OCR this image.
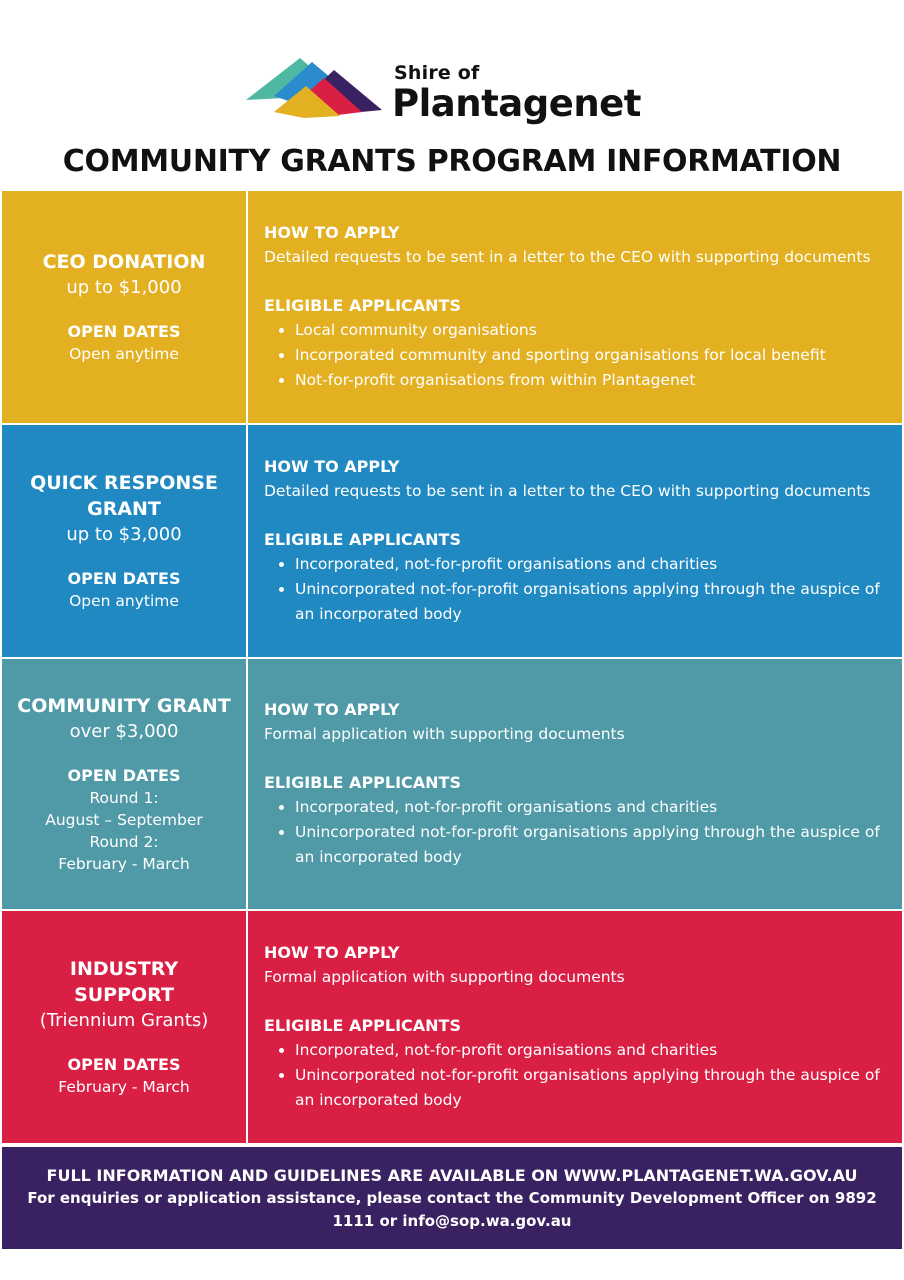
Shire of
Plantagenet
COMMUNITY GRANTS PROGRAM INFORMATION
CEO DONATION
up to $1,000
OPEN DATES
Open anytime
HOW TO APPLY
Detailed requests to be sent in a letter to the CEO with supporting documents
ELIGIBLE APPLICANTS
• Local community organisations
• Incorporated community and sporting organisations for local benefit
• Not-for-profit organisations from within Plantagenet
QUICK RESPONSE GRANT
up to $3,000
OPEN DATES
Open anytime
HOW TO APPLY
Detailed requests to be sent in a letter to the CEO with supporting documents
ELIGIBLE APPLICANTS
• Incorporated, not-for-profit organisations and charities
• Unincorporated not-for-profit organisations applying through the auspice of an incorporated body
COMMUNITY GRANT
over $3,000
OPEN DATES
Round 1:
August – September
Round 2:
February - March
HOW TO APPLY
Formal application with supporting documents
ELIGIBLE APPLICANTS
• Incorporated, not-for-profit organisations and charities
• Unincorporated not-for-profit organisations applying through the auspice of an incorporated body
INDUSTRY SUPPORT
(Triennium Grants)
OPEN DATES
February - March
HOW TO APPLY
Formal application with supporting documents
ELIGIBLE APPLICANTS
• Incorporated, not-for-profit organisations and charities
• Unincorporated not-for-profit organisations applying through the auspice of an incorporated body
FULL INFORMATION AND GUIDELINES ARE AVAILABLE ON WWW.PLANTAGENET.WA.GOV.AU
For enquiries or application assistance, please contact the Community Development Officer on 9892 1111 or info@sop.wa.gov.au
